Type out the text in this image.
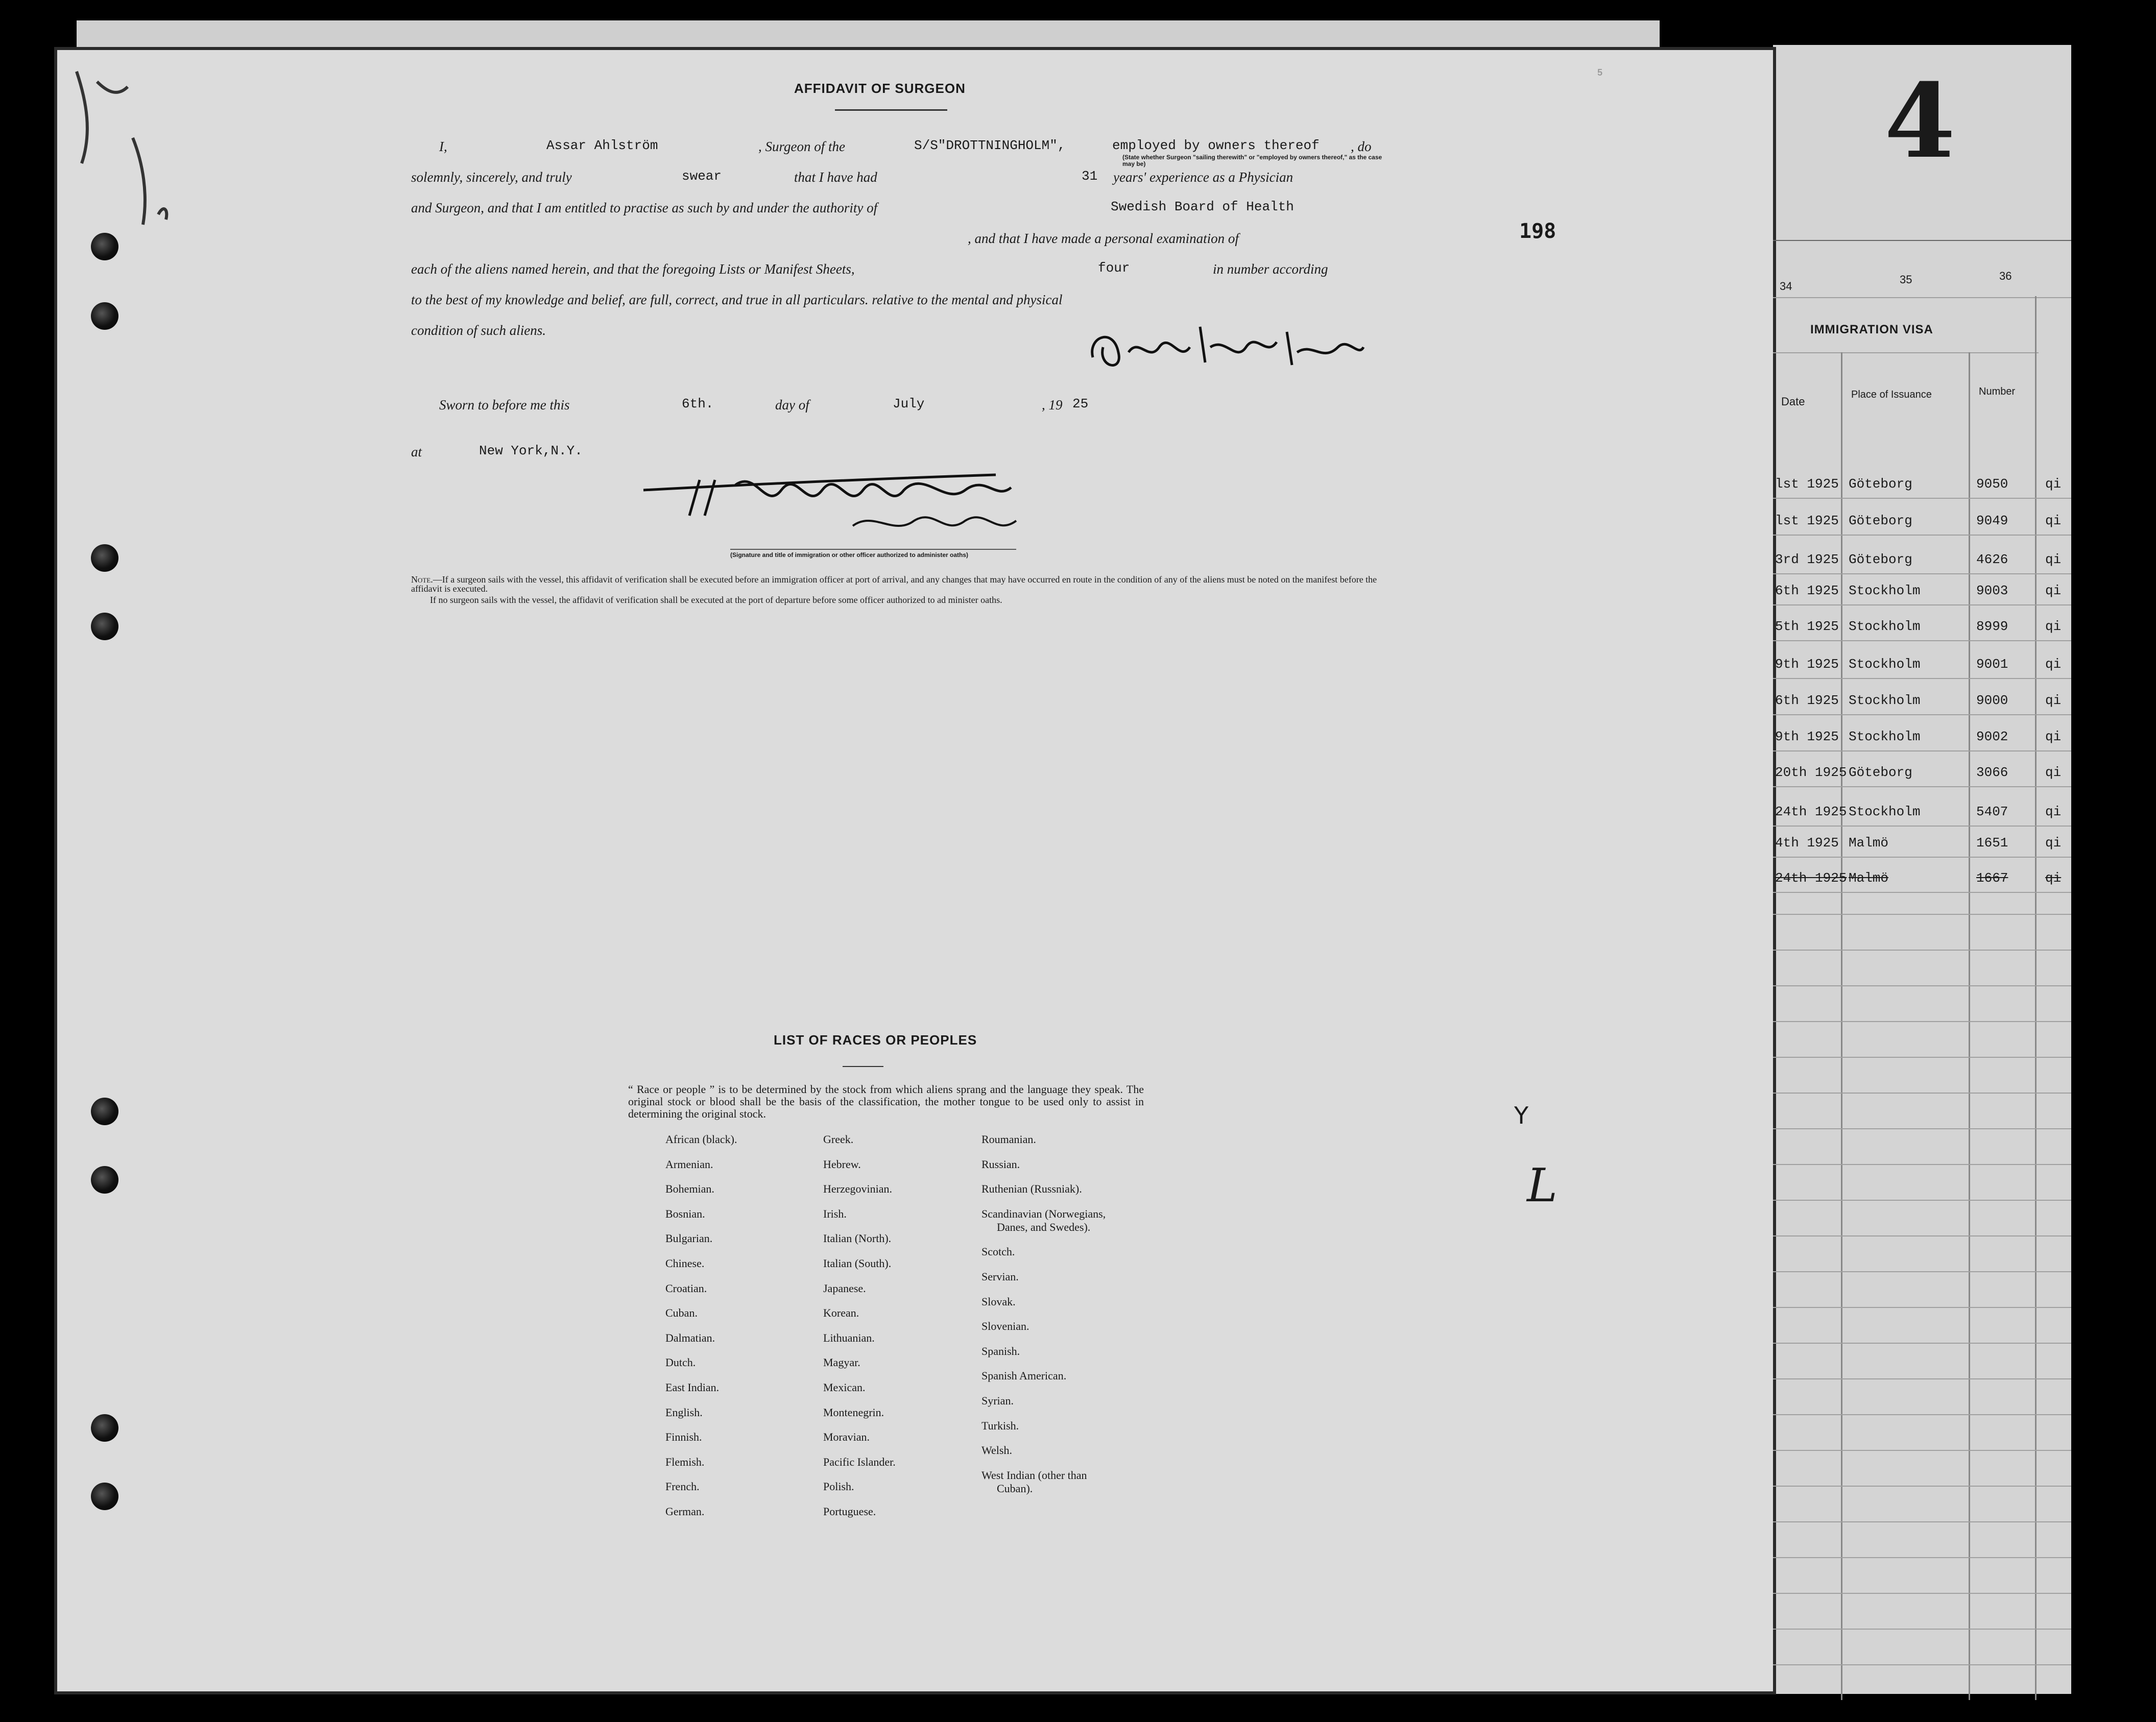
AFFIDAVIT OF SURGEON
5
I,	Assar Ahlström	, Surgeon of the	S/S"DROTTNINGHOLM",	employed by owners thereof , do
(State whether Surgeon "sailing therewith" or "employed by owners thereof," as the case may be)
solemnly, sincerely, and truly	swear	that I have had	31 years' experience as a Physician
and Surgeon, and that I am entitled to practise as such by and under the authority of	Swedish Board of Health
, and that I have made a personal examination of
each of the aliens named herein, and that the foregoing Lists or Manifest Sheets,	four	in number according
to the best of my knowledge and belief, are full, correct, and true in all particulars. relative to the mental and physical
condition of such aliens.
198
Sworn to before me this	6th.	day of	July	, 19 25
at	New York,N.Y.
(Signature and title of immigration or other officer authorized to administer oaths)
Note.—If a surgeon sails with the vessel, this affidavit of verification shall be executed before an immigration officer at port of arrival, and any changes that may have occurred en route in the condition of any of the aliens must be noted on the manifest before the affidavit is executed.
If no surgeon sails with the vessel, the affidavit of verification shall be executed at the port of departure before some officer authorized to ad minister oaths.
LIST OF RACES OR PEOPLES
“ Race or people ” is to be determined by the stock from which aliens sprang and the language they speak. The original stock or blood shall be the basis of the classification, the mother tongue to be used only to assist in determining the original stock.
African (black).
Armenian.
Bohemian.
Bosnian.
Bulgarian.
Chinese.
Croatian.
Cuban.
Dalmatian.
Dutch.
East Indian.
English.
Finnish.
Flemish.
French.
German.
Greek.
Hebrew.
Herzegovinian.
Irish.
Italian (North).
Italian (South).
Japanese.
Korean.
Lithuanian.
Magyar.
Mexican.
Montenegrin.
Moravian.
Pacific Islander.
Polish.
Portuguese.
Roumanian.
Russian.
Ruthenian (Russniak).
Scandinavian (Norwegians,
Danes, and Swedes).
Scotch.
Servian.
Slovak.
Slovenian.
Spanish.
Spanish American.
Syrian.
Turkish.
Welsh.
West Indian (other than
Cuban).
Y
L
4
34
35	36
IMMIGRATION VISA
Date
Place of Issuance	Number
lst 1925 Göteborg	9050	qi
lst 1925 Göteborg	9049	qi
3rd 1925 Göteborg	4626	qi
6th 1925 Stockholm	9003	qi
5th 1925 Stockholm	8999	qi
9th 1925 Stockholm	9001	qi
6th 1925 Stockholm	9000	qi
9th 1925 Stockholm	9002	qi
20th 1925 Göteborg	3066	qi
24th 1925 Stockholm	5407	qi
4th 1925 Malmö	1651	qi
24th 1925 Malmö	1667	qi
